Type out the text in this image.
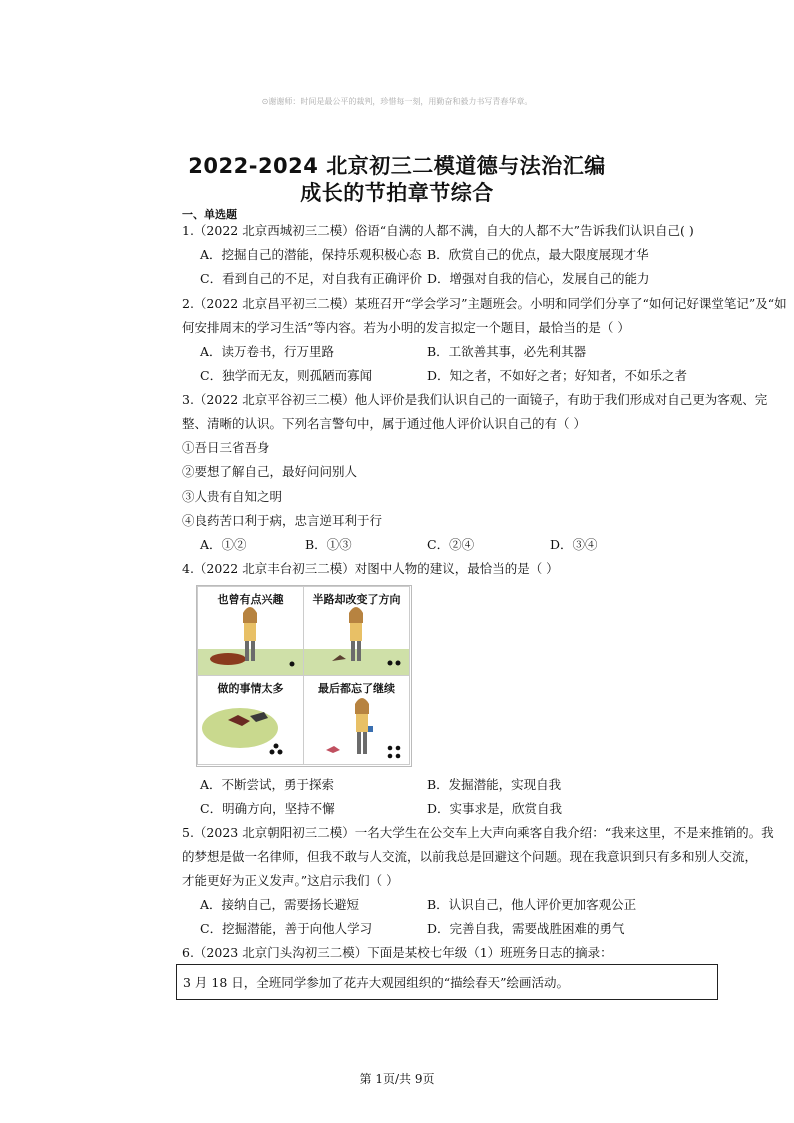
⊙谢谢师：时间是最公平的裁判，珍惜每一刻，用勤奋和毅力书写青春华章。
2022-2024 北京初三二模道德与法治汇编
成长的节拍章节综合
一、单选题
1.（2022 北京西城初三二模）俗语“自满的人都不满，自大的人都不大”告诉我们认识自己( )
A．挖掘自己的潜能，保持乐观积极心态 B．欣赏自己的优点，最大限度展现才华
C．看到自己的不足，对自我有正确评价 D．增强对自我的信心，发展自己的能力
2.（2022 北京昌平初三二模）某班召开“学会学习”主题班会。小明和同学们分享了“如何记好课堂笔记”及“如
何安排周末的学习生活”等内容。若为小明的发言拟定一个题目，最恰当的是（ ）
A．读万卷书，行万里路	B．工欲善其事，必先利其器
C．独学而无友，则孤陋而寡闻	D．知之者，不如好之者；好知者，不如乐之者
3.（2022 北京平谷初三二模）他人评价是我们认识自己的一面镜子，有助于我们形成对自己更为客观、完
整、清晰的认识。下列名言警句中，属于通过他人评价认识自己的有（ ）
①吾日三省吾身
②要想了解自己，最好问问别人
③人贵有自知之明
④良药苦口利于病，忠言逆耳利于行
A．①②	B．①③	C．②④	D．③④
4.（2022 北京丰台初三二模）对图中人物的建议，最恰当的是（ ）
也曾有点兴趣	半路却改变了方向
做的事情太多	最后都忘了继续
A．不断尝试，勇于探索	B．发掘潜能，实现自我
C．明确方向，坚持不懈	D．实事求是，欣赏自我
5.（2023 北京朝阳初三二模）一名大学生在公交车上大声向乘客自我介绍：“我来这里，不是来推销的。我
的梦想是做一名律师，但我不敢与人交流，以前我总是回避这个问题。现在我意识到只有多和别人交流，
才能更好为正义发声。”这启示我们（ ）
A．接纳自己，需要扬长避短	B．认识自己，他人评价更加客观公正
C．挖掘潜能，善于向他人学习	D．完善自我，需要战胜困难的勇气
6.（2023 北京门头沟初三二模）下面是某校七年级（1）班班务日志的摘录：
3 月 18 日，全班同学参加了花卉大观园组织的“描绘春天”绘画活动。
第 1页/共 9页
